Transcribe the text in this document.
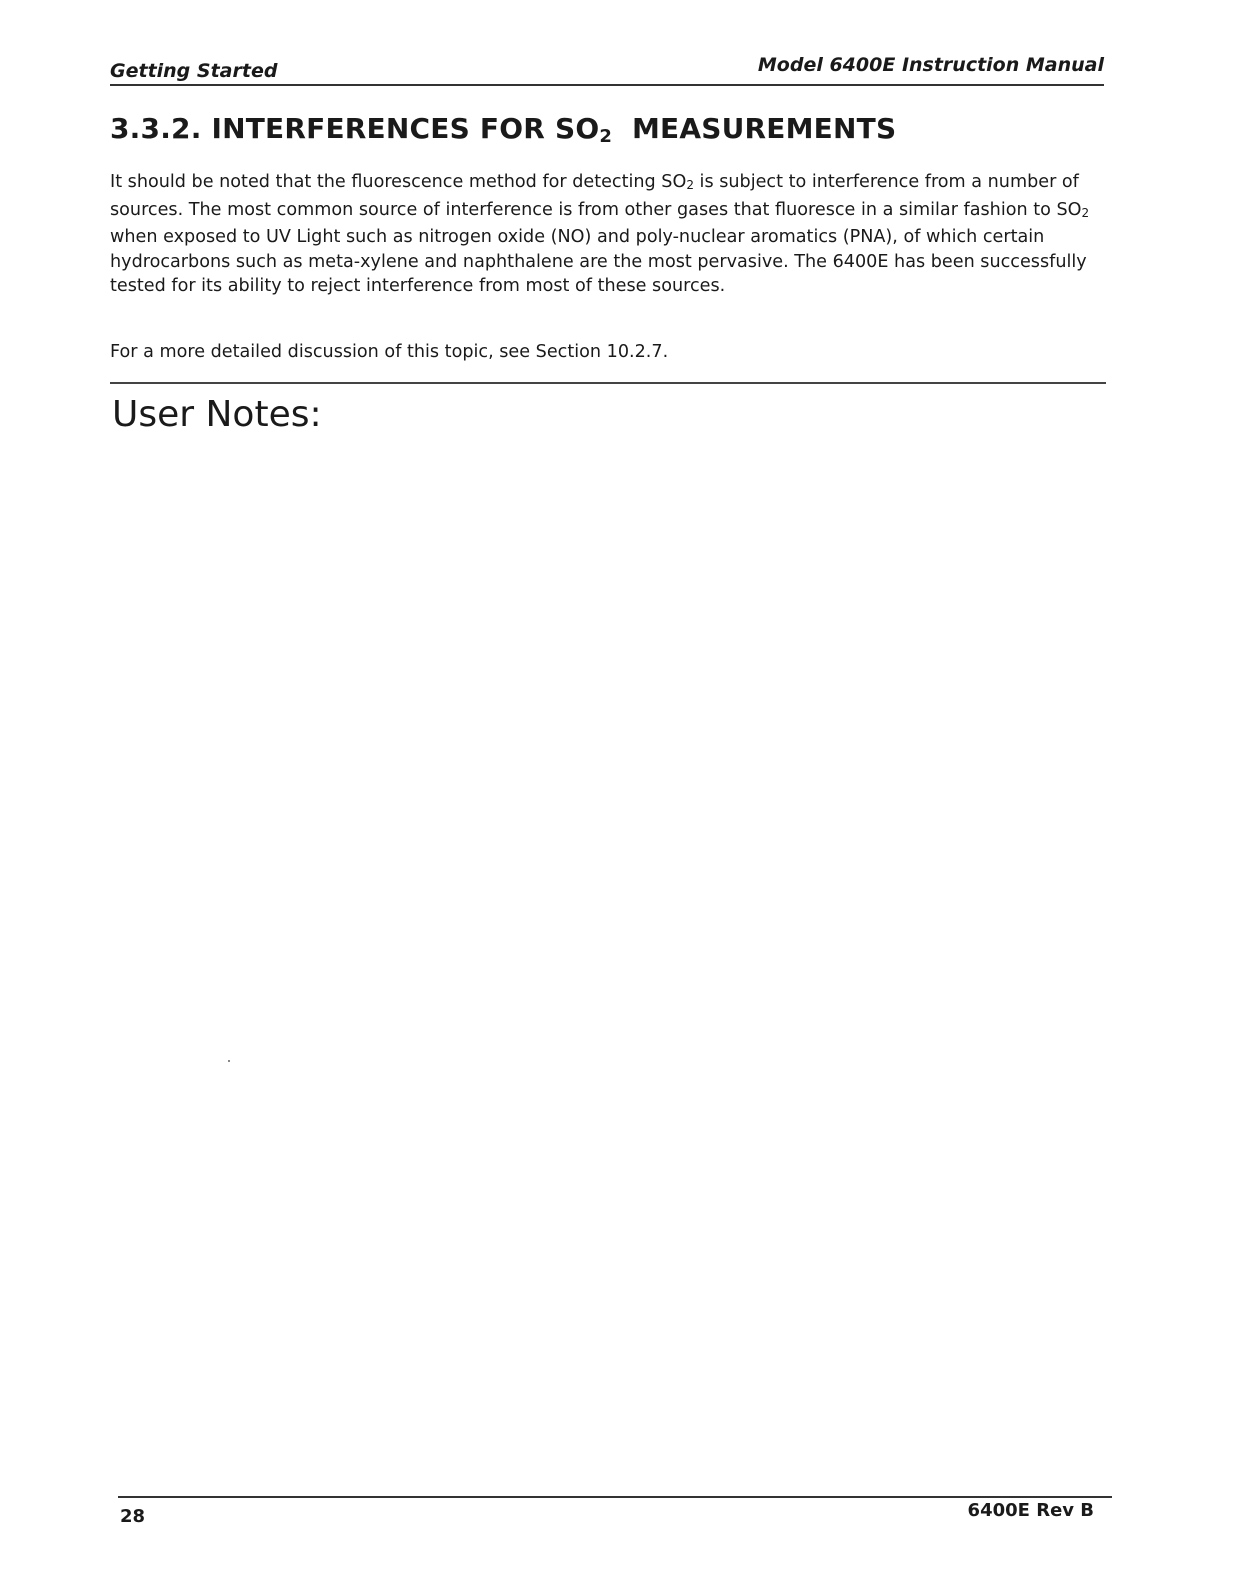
Getting Started	Model 6400E Instruction Manual
3.3.2. INTERFERENCES FOR $SO_2$ MEASUREMENTS

It should be noted that the fluorescence method for detecting $SO_2$ is subject to interference from a number of sources. The most common source of interference is from other gases that fluoresce in a similar fashion to $SO_2$ when exposed to UV Light such as nitrogen oxide (NO) and poly-nuclear aromatics (PNA), of which certain hydrocarbons such as meta-xylene and naphthalene are the most pervasive. The 6400E has been successfully tested for its ability to reject interference from most of these sources.

For a more detailed discussion of this topic, see Section 10.2.7.
User Notes:
28	6400E Rev B
